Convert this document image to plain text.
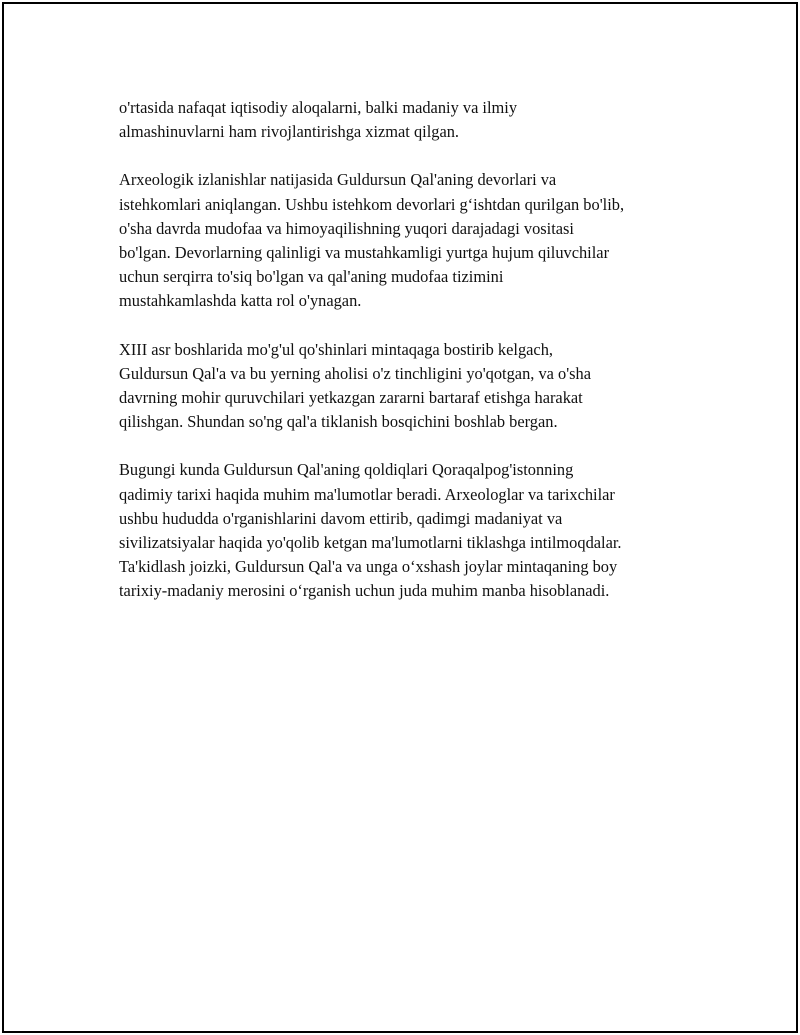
o'rtasida nafaqat iqtisodiy aloqalarni, balki madaniy va ilmiy
almashinuvlarni ham rivojlantirishga xizmat qilgan.

Arxeologik izlanishlar natijasida Guldursun Qal'aning devorlari va
istehkomlari aniqlangan. Ushbu istehkom devorlari g‘ishtdan qurilgan bo'lib,
o'sha davrda mudofaa va himoyaqilishning yuqori darajadagi vositasi
bo'lgan. Devorlarning qalinligi va mustahkamligi yurtga hujum qiluvchilar
uchun serqirra to'siq bo'lgan va qal'aning mudofaa tizimini
mustahkamlashda katta rol o'ynagan.

XIII asr boshlarida mo'g'ul qo'shinlari mintaqaga bostirib kelgach,
Guldursun Qal'a va bu yerning aholisi o'z tinchligini yo'qotgan, va o'sha
davrning mohir quruvchilari yetkazgan zararni bartaraf etishga harakat
qilishgan. Shundan so'ng qal'a tiklanish bosqichini boshlab bergan.

Bugungi kunda Guldursun Qal'aning qoldiqlari Qoraqalpog'istonning
qadimiy tarixi haqida muhim ma'lumotlar beradi. Arxeologlar va tarixchilar
ushbu hududda o'rganishlarini davom ettirib, qadimgi madaniyat va
sivilizatsiyalar haqida yo'qolib ketgan ma'lumotlarni tiklashga intilmoqdalar.
Ta'kidlash joizki, Guldursun Qal'a va unga o‘xshash joylar mintaqaning boy
tarixiy-madaniy merosini o‘rganish uchun juda muhim manba hisoblanadi.
